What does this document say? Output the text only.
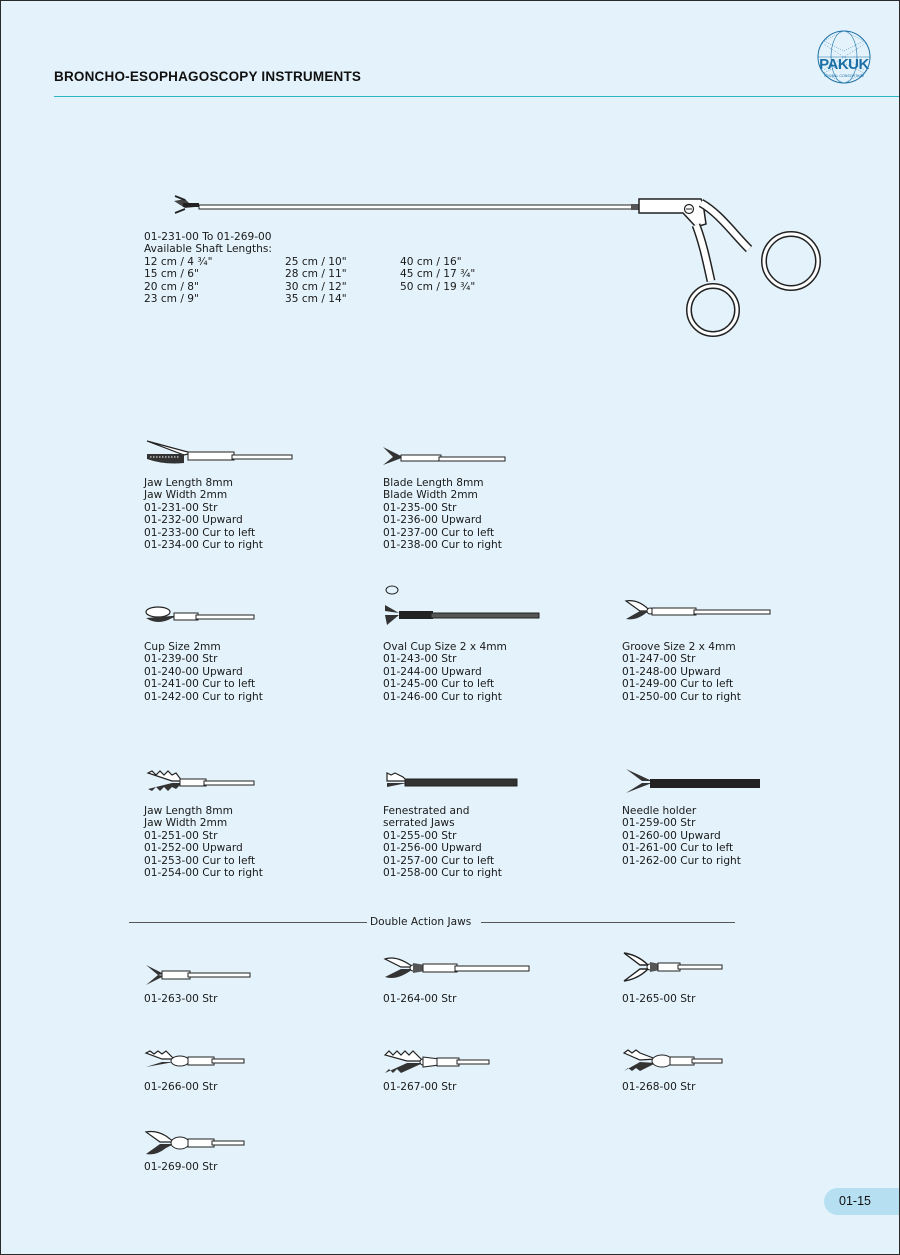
BRONCHO-ESOPHAGOSCOPY INSTRUMENTS
PAKUK
GLOBAL CONSORTIUM
01-231-00 To 01-269-00
Available Shaft Lengths:
12 cm / 4 ¾"
15 cm / 6"
20 cm / 8"
23 cm / 9"
25 cm / 10"
28 cm / 11"
30 cm / 12"
35 cm / 14"
40 cm / 16"
45 cm / 17 ¾"
50 cm / 19 ¾"
Jaw Length 8mm
Jaw Width 2mm
01-231-00 Str
01-232-00 Upward
01-233-00 Cur to left
01-234-00 Cur to right
Blade Length 8mm
Blade Width 2mm
01-235-00 Str
01-236-00 Upward
01-237-00 Cur to left
01-238-00 Cur to right
Cup Size 2mm
01-239-00 Str
01-240-00 Upward
01-241-00 Cur to left
01-242-00 Cur to right
Oval Cup Size 2 x 4mm
01-243-00 Str
01-244-00 Upward
01-245-00 Cur to left
01-246-00 Cur to right
Groove Size 2 x 4mm
01-247-00 Str
01-248-00 Upward
01-249-00 Cur to left
01-250-00 Cur to right
Jaw Length 8mm
Jaw Width 2mm
01-251-00 Str
01-252-00 Upward
01-253-00 Cur to left
01-254-00 Cur to right
Fenestrated and
serrated Jaws
01-255-00 Str
01-256-00 Upward
01-257-00 Cur to left
01-258-00 Cur to right
Needle holder
01-259-00 Str
01-260-00 Upward
01-261-00 Cur to left
01-262-00 Cur to right
Double Action Jaws
01-263-00 Str	01-264-00 Str	01-265-00 Str
01-266-00 Str	01-267-00 Str	01-268-00 Str
01-269-00 Str
01-15
